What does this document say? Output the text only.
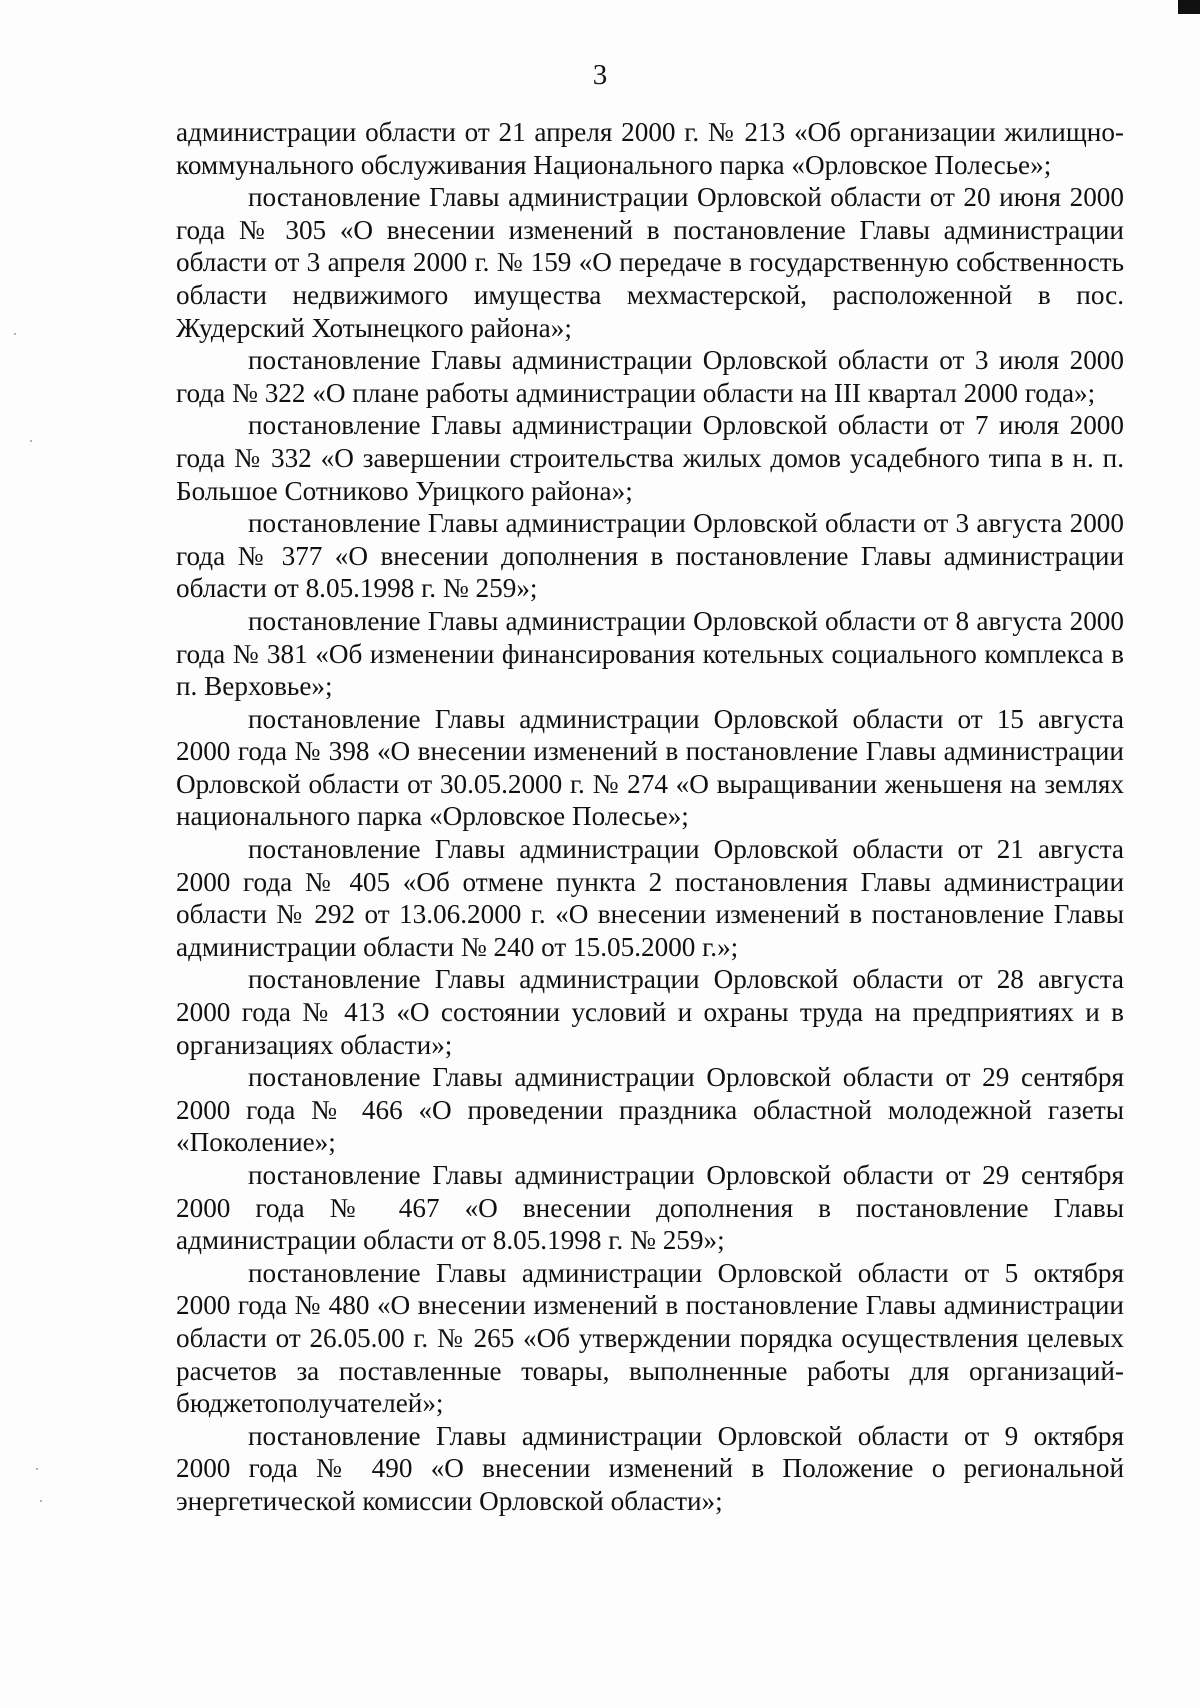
3

администрации области от 21 апреля 2000 г. № 213 «Об организации жилищно-коммунального обслуживания Национального парка «Орловское Полесье»;

постановление Главы администрации Орловской области от 20 июня 2000 года № 305 «О внесении изменений в постановление Главы администрации области от 3 апреля 2000 г. № 159 «О передаче в государственную собственность области недвижимого имущества мехмастерской, расположенной в пос. Жудерский Хотынецкого района»;

постановление Главы администрации Орловской области от 3 июля 2000 года № 322 «О плане работы администрации области на III квартал 2000 года»;

постановление Главы администрации Орловской области от 7 июля 2000 года № 332 «О завершении строительства жилых домов усадебного типа в н. п. Большое Сотниково Урицкого района»;

постановление Главы администрации Орловской области от 3 августа 2000 года № 377 «О внесении дополнения в постановление Главы администрации области от 8.05.1998 г. № 259»;

постановление Главы администрации Орловской области от 8 августа 2000 года № 381 «Об изменении финансирования котельных социального комплекса в п. Верховье»;

постановление Главы администрации Орловской области от 15 августа 2000 года № 398 «О внесении изменений в постановление Главы администрации Орловской области от 30.05.2000 г. № 274 «О выращивании женьшеня на землях национального парка «Орловское Полесье»;

постановление Главы администрации Орловской области от 21 августа 2000 года № 405 «Об отмене пункта 2 постановления Главы администрации области № 292 от 13.06.2000 г. «О внесении изменений в постановление Главы администрации области № 240 от 15.05.2000 г.»;

постановление Главы администрации Орловской области от 28 августа 2000 года № 413 «О состоянии условий и охраны труда на предприятиях и в организациях области»;

постановление Главы администрации Орловской области от 29 сентября 2000 года № 466 «О проведении праздника областной молодежной газеты «Поколение»;

постановление Главы администрации Орловской области от 29 сентября 2000 года № 467 «О внесении дополнения в постановление Главы администрации области от 8.05.1998 г. № 259»;

постановление Главы администрации Орловской области от 5 октября 2000 года № 480 «О внесении изменений в постановление Главы администрации области от 26.05.00 г. № 265 «Об утверждении порядка осуществления целевых расчетов за поставленные товары, выполненные работы для организаций-бюджетополучателей»;

постановление Главы администрации Орловской области от 9 октября 2000 года № 490 «О внесении изменений в Положение о региональной энергетической комиссии Орловской области»;
